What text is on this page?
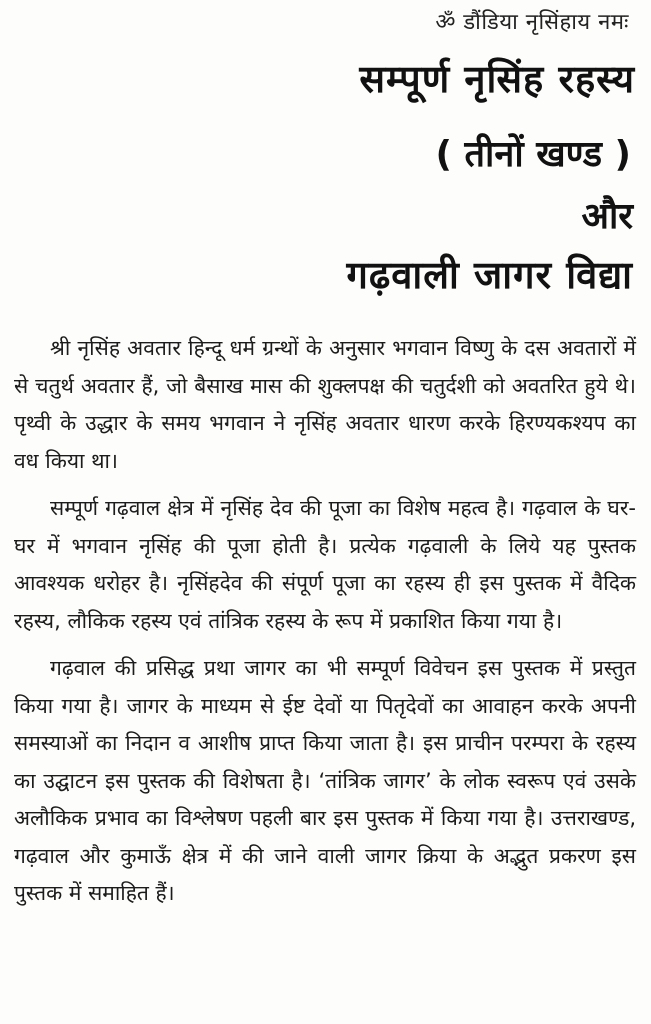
ॐ डौंडिया नृसिंहाय नमः
सम्पूर्ण नृसिंह रहस्य
( तीनों खण्ड )
और
गढ़वाली जागर विद्या

श्री नृसिंह अवतार हिन्दू धर्म ग्रन्थों के अनुसार भगवान विष्णु के दस अवतारों में से चतुर्थ अवतार हैं, जो बैसाख मास की शुक्लपक्ष की चतुर्दशी को अवतरित हुये थे। पृथ्वी के उद्धार के समय भगवान ने नृसिंह अवतार धारण करके हिरण्यकश्यप का वध किया था।

सम्पूर्ण गढ़वाल क्षेत्र में नृसिंह देव की पूजा का विशेष महत्व है। गढ़वाल के घर-घर में भगवान नृसिंह की पूजा होती है। प्रत्येक गढ़वाली के लिये यह पुस्तक आवश्यक धरोहर है। नृसिंहदेव की संपूर्ण पूजा का रहस्य ही इस पुस्तक में वैदिक रहस्य, लौकिक रहस्य एवं तांत्रिक रहस्य के रूप में प्रकाशित किया गया है।

गढ़वाल की प्रसिद्ध प्रथा जागर का भी सम्पूर्ण विवेचन इस पुस्तक में प्रस्तुत किया गया है। जागर के माध्यम से ईष्ट देवों या पितृदेवों का आवाहन करके अपनी समस्याओं का निदान व आशीष प्राप्त किया जाता है। इस प्राचीन परम्परा के रहस्य का उद्घाटन इस पुस्तक की विशेषता है। ‘तांत्रिक जागर’ के लोक स्वरूप एवं उसके अलौकिक प्रभाव का विश्लेषण पहली बार इस पुस्तक में किया गया है। उत्तराखण्ड, गढ़वाल और कुमाऊँ क्षेत्र में की जाने वाली जागर क्रिया के अद्भुत प्रकरण इस पुस्तक में समाहित हैं।
